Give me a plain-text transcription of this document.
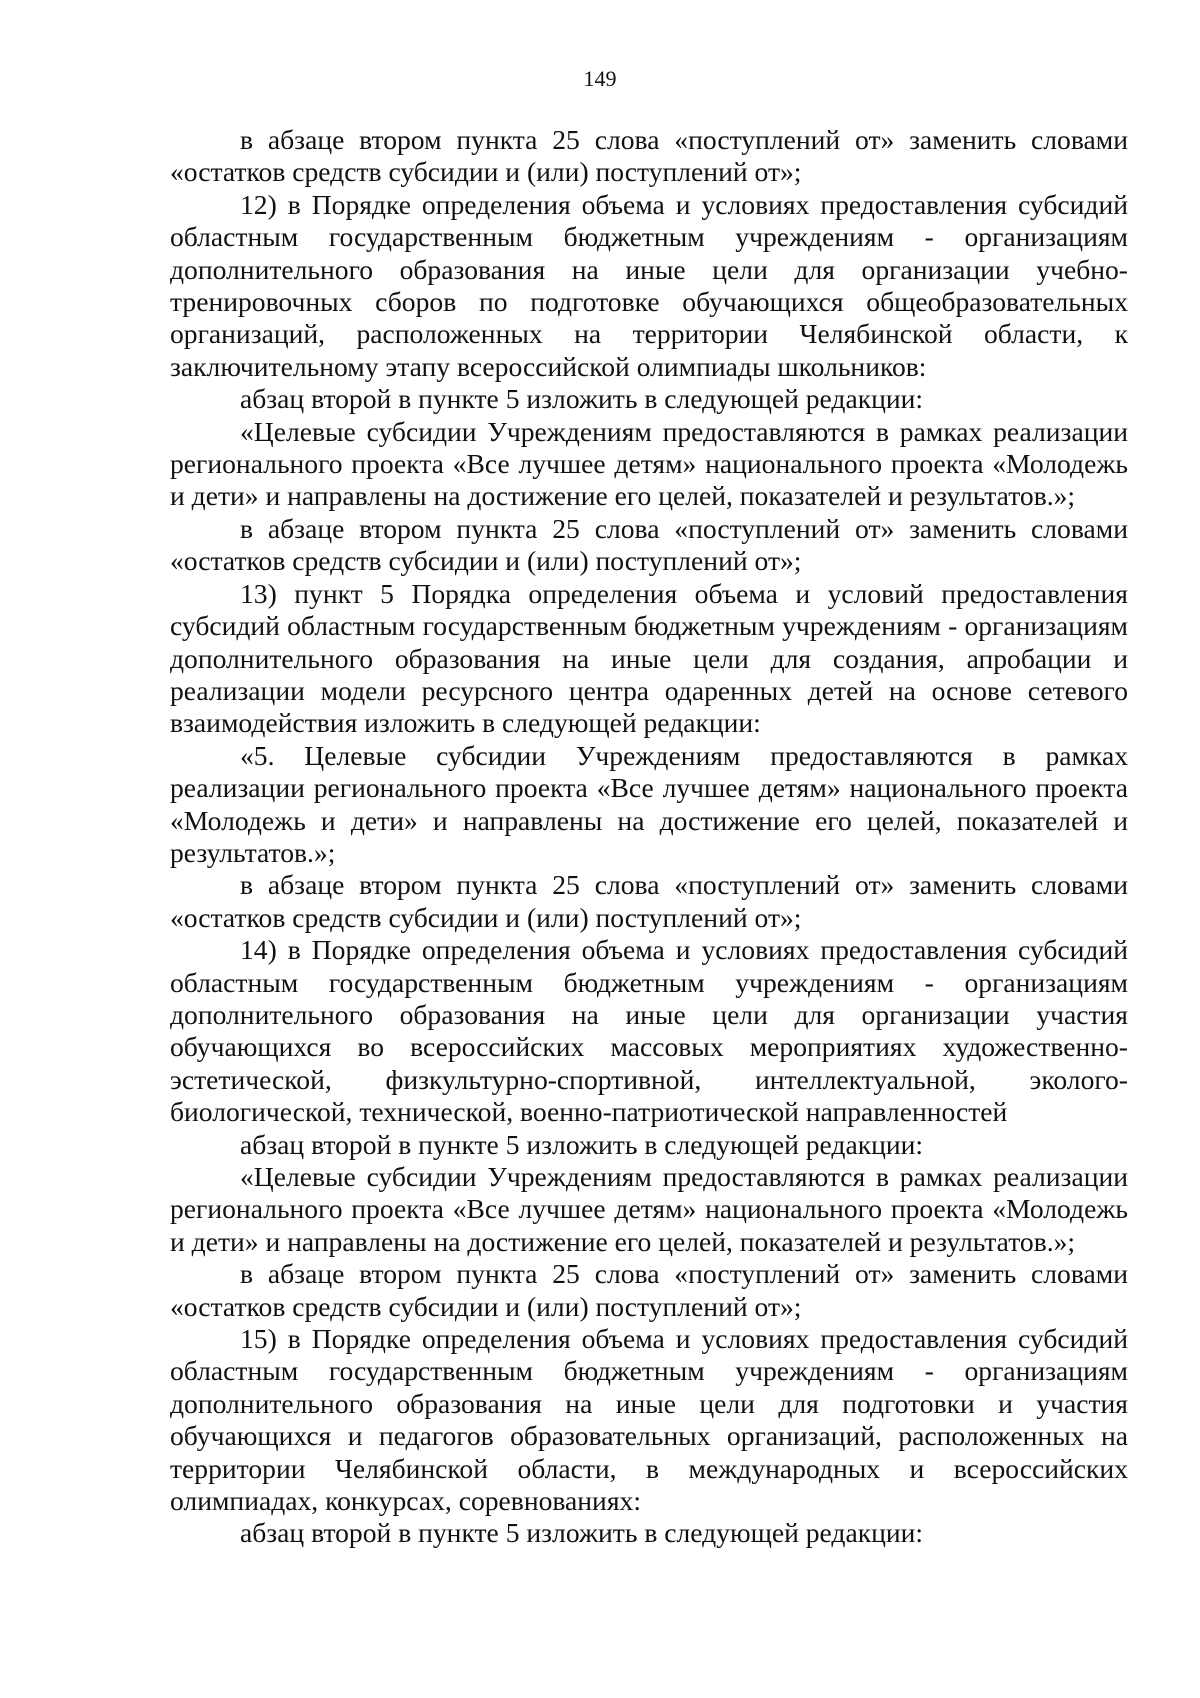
149

в абзаце втором пункта 25 слова «поступлений от» заменить словами «остатков средств субсидии и (или) поступлений от»;

12) в Порядке определения объема и условиях предоставления субсидий областным государственным бюджетным учреждениям - организациям дополнительного образования на иные цели для организации учебно-тренировочных сборов по подготовке обучающихся общеобразовательных организаций, расположенных на территории Челябинской области, к заключительному этапу всероссийской олимпиады школьников:

абзац второй в пункте 5 изложить в следующей редакции:

«Целевые субсидии Учреждениям предоставляются в рамках реализации регионального проекта «Все лучшее детям» национального проекта «Молодежь и дети» и направлены на достижение его целей, показателей и результатов.»;

в абзаце втором пункта 25 слова «поступлений от» заменить словами «остатков средств субсидии и (или) поступлений от»;

13) пункт 5 Порядка определения объема и условий предоставления субсидий областным государственным бюджетным учреждениям - организациям дополнительного образования на иные цели для создания, апробации и реализации модели ресурсного центра одаренных детей на основе сетевого взаимодействия изложить в следующей редакции:

«5. Целевые субсидии Учреждениям предоставляются в рамках реализации регионального проекта «Все лучшее детям» национального проекта «Молодежь и дети» и направлены на достижение его целей, показателей и результатов.»;

в абзаце втором пункта 25 слова «поступлений от» заменить словами «остатков средств субсидии и (или) поступлений от»;

14) в Порядке определения объема и условиях предоставления субсидий областным государственным бюджетным учреждениям - организациям дополнительного образования на иные цели для организации участия обучающихся во всероссийских массовых мероприятиях художественно-эстетической, физкультурно-спортивной, интеллектуальной, эколого-биологической, технической, военно-патриотической направленностей

абзац второй в пункте 5 изложить в следующей редакции:

«Целевые субсидии Учреждениям предоставляются в рамках реализации регионального проекта «Все лучшее детям» национального проекта «Молодежь и дети» и направлены на достижение его целей, показателей и результатов.»;

в абзаце втором пункта 25 слова «поступлений от» заменить словами «остатков средств субсидии и (или) поступлений от»;

15) в Порядке определения объема и условиях предоставления субсидий областным государственным бюджетным учреждениям - организациям дополнительного образования на иные цели для подготовки и участия обучающихся и педагогов образовательных организаций, расположенных на территории Челябинской области, в международных и всероссийских олимпиадах, конкурсах, соревнованиях:

абзац второй в пункте 5 изложить в следующей редакции:
